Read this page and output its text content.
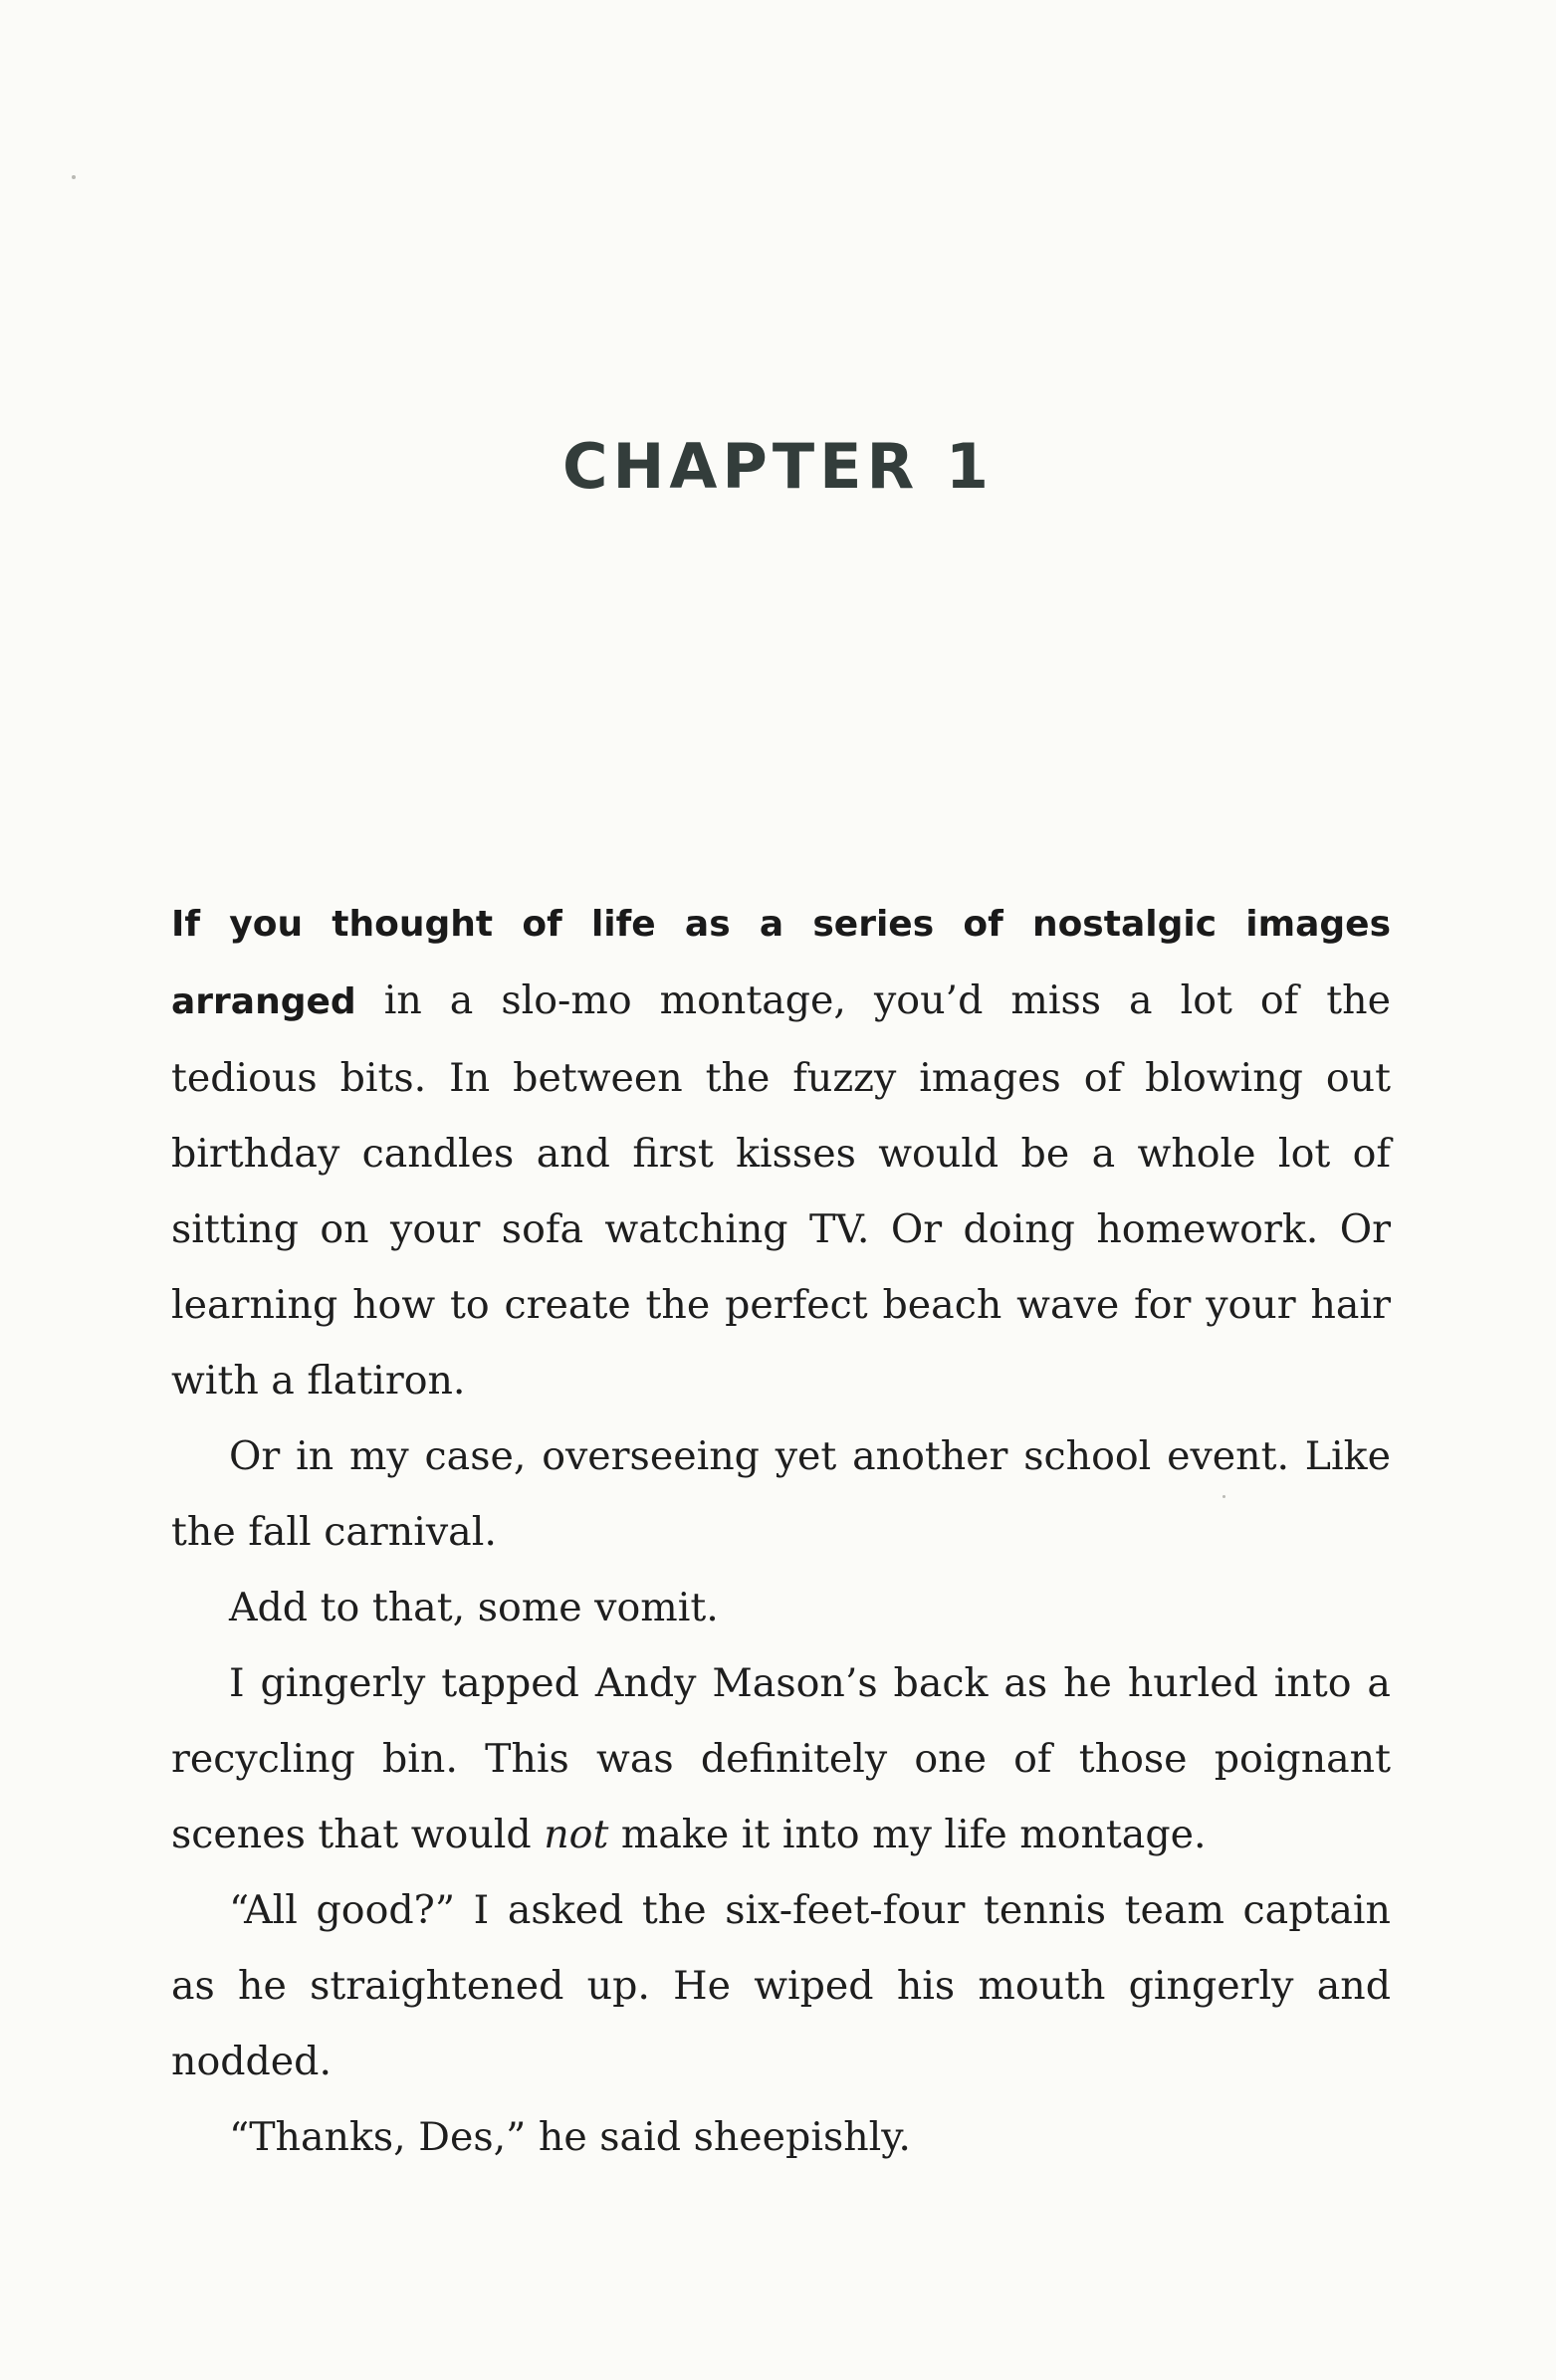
CHAPTER 1

If you thought of life as a series of nostalgic images arranged in a slo-mo montage, you’d miss a lot of the tedious bits. In between the fuzzy images of blowing out birthday candles and first kisses would be a whole lot of sitting on your sofa watching TV. Or doing homework. Or learning how to create the perfect beach wave for your hair with a flatiron.

Or in my case, overseeing yet another school event. Like the fall carnival.

Add to that, some vomit.

I gingerly tapped Andy Mason’s back as he hurled into a recycling bin. This was definitely one of those poignant scenes that would not make it into my life montage.

“All good?” I asked the six-feet-four tennis team captain as he straightened up. He wiped his mouth gingerly and nodded.

“Thanks, Des,” he said sheepishly.
